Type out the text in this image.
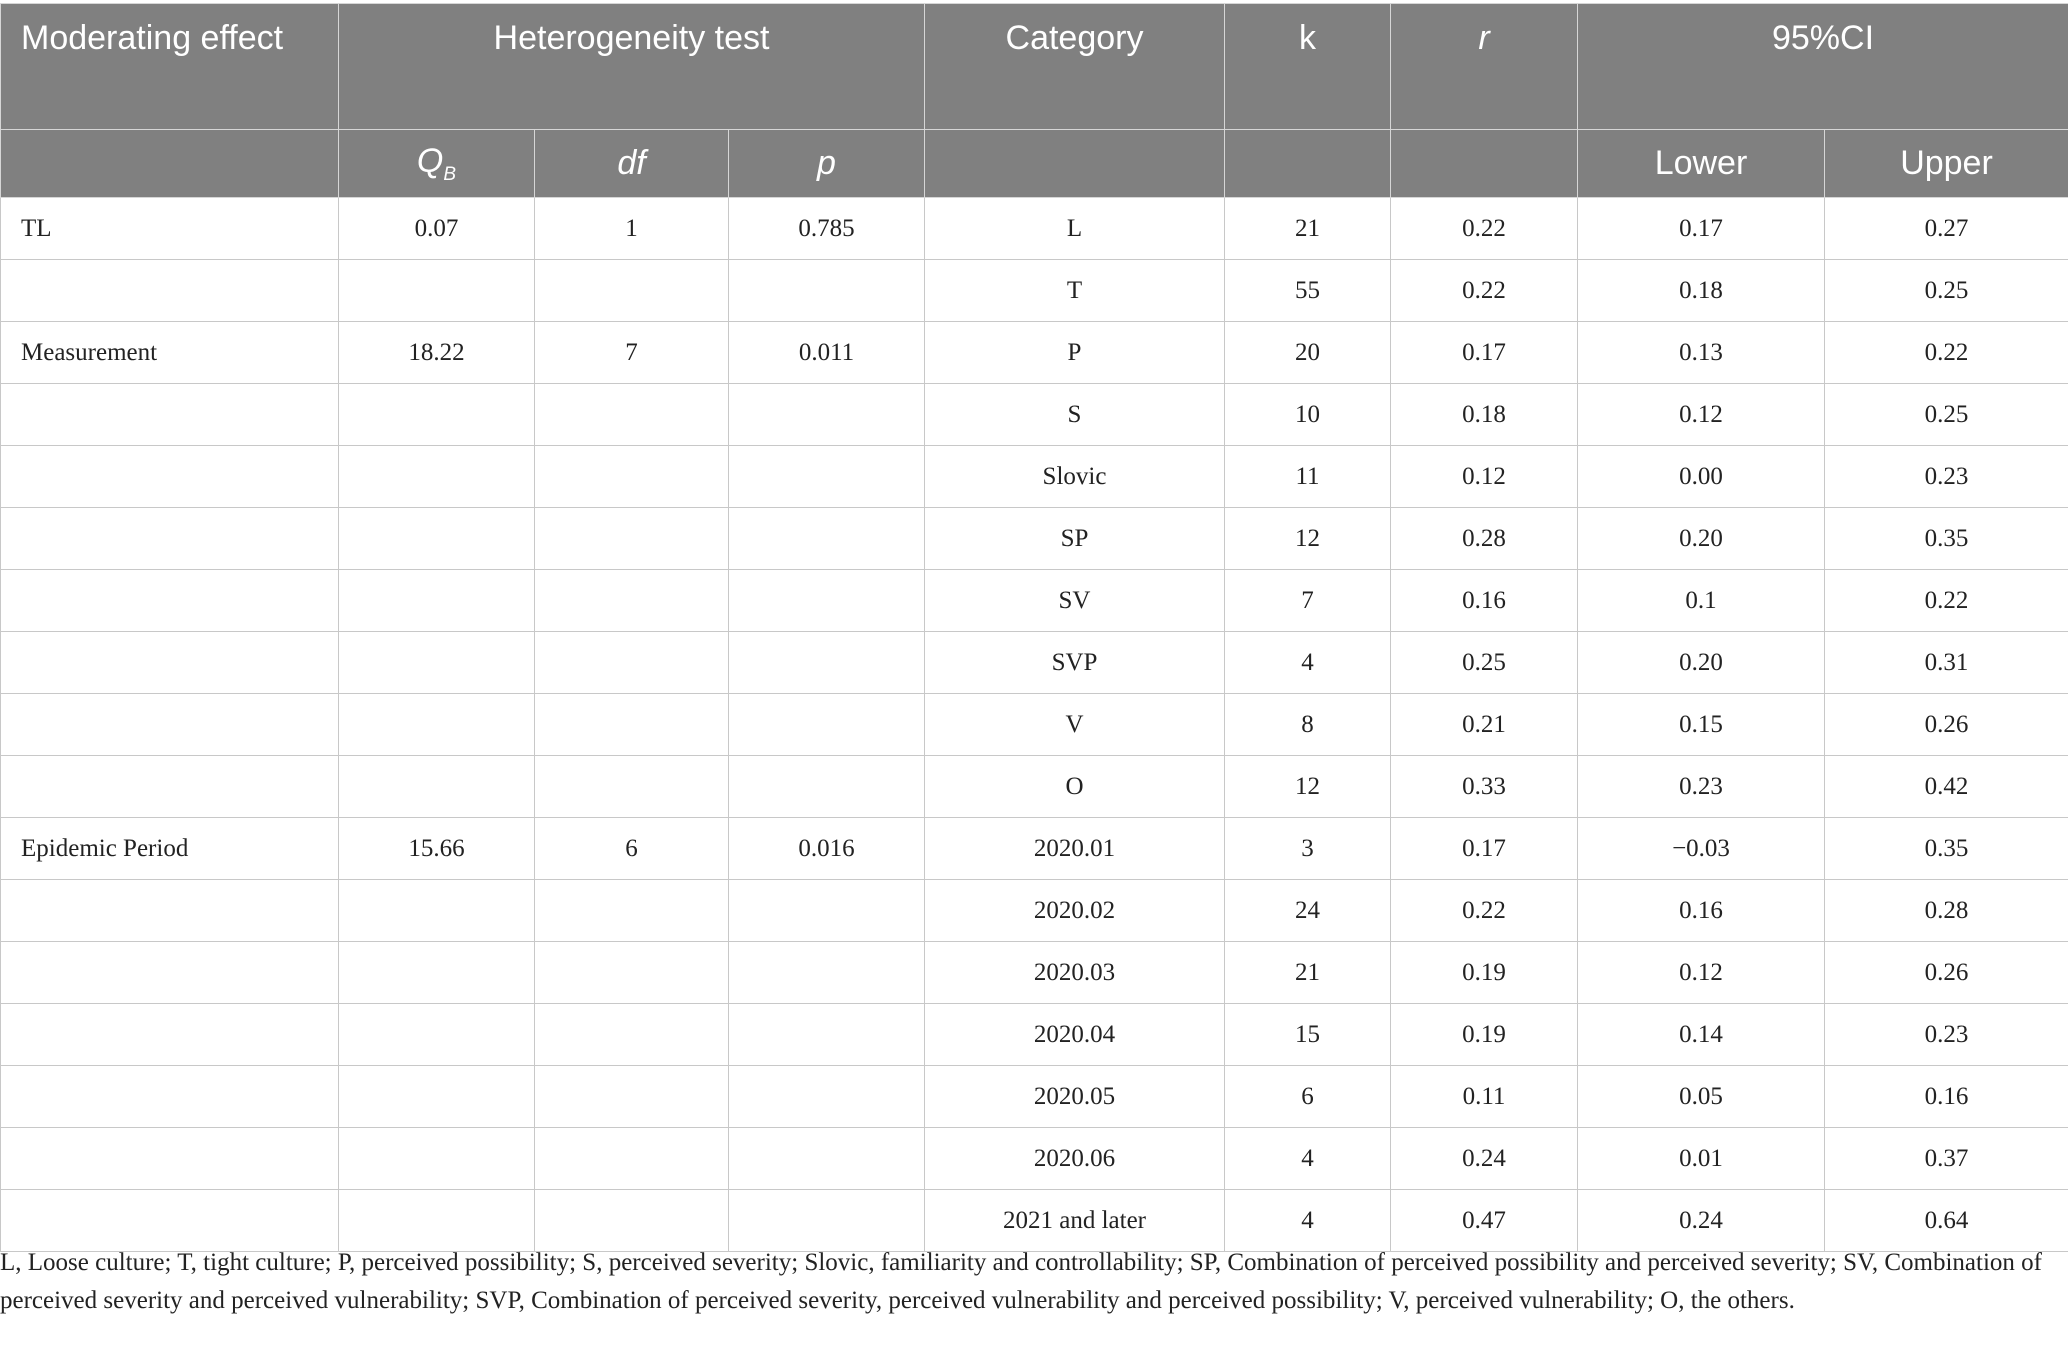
Moderating effect	Heterogeneity test			Category	k	r	95%CI	
	$Q_B$	df	p				Lower	Upper
TL	0.07	1	0.785	L	21	0.22	0.17	0.27
				T	55	0.22	0.18	0.25
Measurement	18.22	7	0.011	P	20	0.17	0.13	0.22
				S	10	0.18	0.12	0.25
				Slovic	11	0.12	0.00	0.23
				SP	12	0.28	0.20	0.35
				SV	7	0.16	0.1	0.22
				SVP	4	0.25	0.20	0.31
				V	8	0.21	0.15	0.26
				O	12	0.33	0.23	0.42
Epidemic Period	15.66	6	0.016	2020.01	3	0.17	−0.03	0.35
				2020.02	24	0.22	0.16	0.28
				2020.03	21	0.19	0.12	0.26
				2020.04	15	0.19	0.14	0.23
				2020.05	6	0.11	0.05	0.16
				2020.06	4	0.24	0.01	0.37
				2021 and later	4	0.47	0.24	0.64

L, Loose culture; T, tight culture; P, perceived possibility; S, perceived severity; Slovic, familiarity and controllability; SP, Combination of perceived possibility and perceived severity; SV, Combination of perceived severity and perceived vulnerability; SVP, Combination of perceived severity, perceived vulnerability and perceived possibility; V, perceived vulnerability; O, the others.
